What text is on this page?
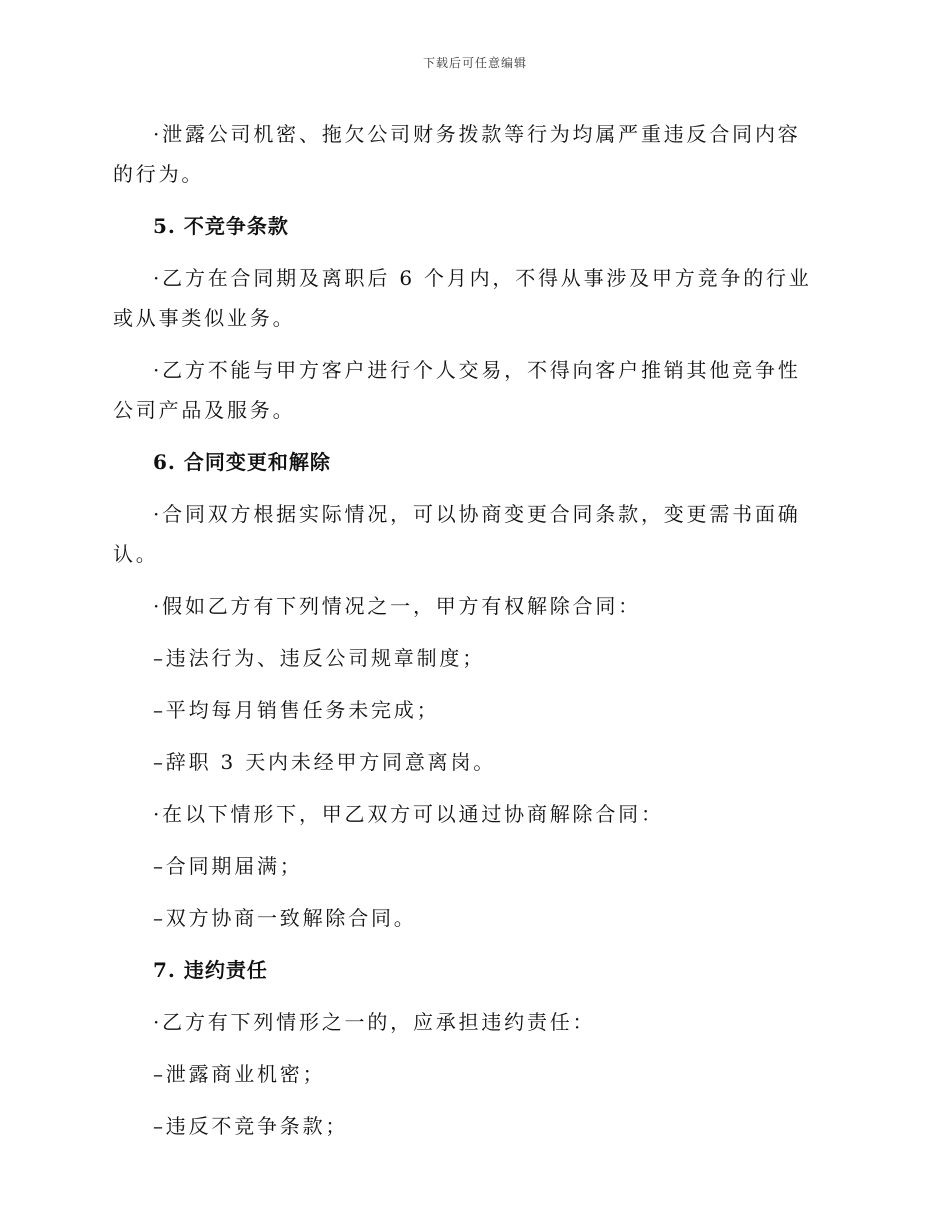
下载后可任意编辑

·泄露公司机密、拖欠公司财务拨款等行为均属严重违反合同内容的行为。

5. 不竞争条款

·乙方在合同期及离职后 6 个月内，不得从事涉及甲方竞争的行业或从事类似业务。

·乙方不能与甲方客户进行个人交易，不得向客户推销其他竞争性公司产品及服务。

6. 合同变更和解除

·合同双方根据实际情况，可以协商变更合同条款，变更需书面确认。

·假如乙方有下列情况之一，甲方有权解除合同：

–违法行为、违反公司规章制度；

–平均每月销售任务未完成；

–辞职 3 天内未经甲方同意离岗。

·在以下情形下，甲乙双方可以通过协商解除合同：

–合同期届满；

–双方协商一致解除合同。

7. 违约责任

·乙方有下列情形之一的，应承担违约责任：

–泄露商业机密；

–违反不竞争条款；
